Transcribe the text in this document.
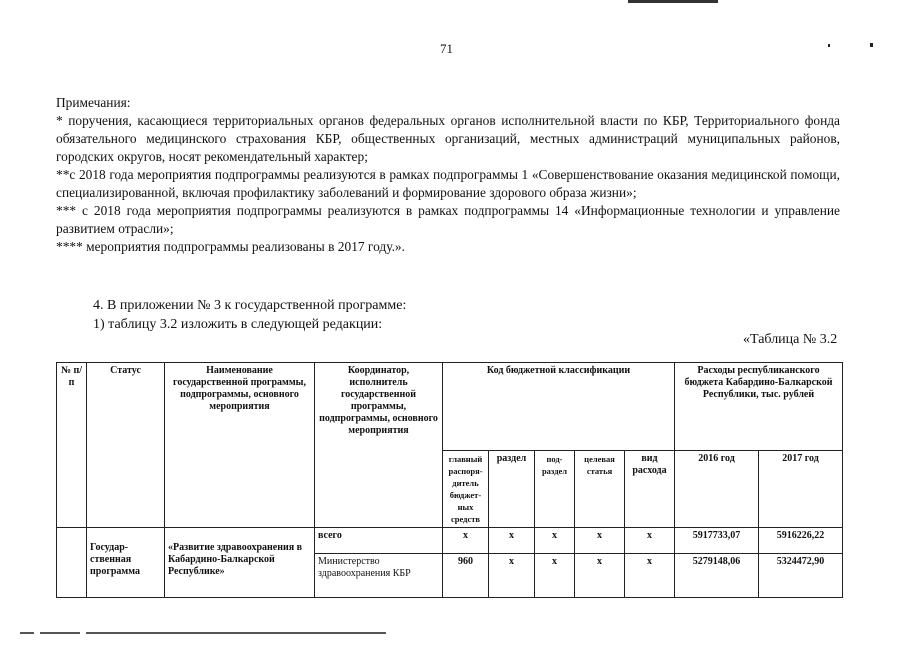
71

Примечания:

* поручения, касающиеся территориальных органов федеральных органов исполнительной власти по КБР, Территориального фонда обязательного медицинского страхования КБР, общественных организаций, местных администраций муниципальных районов, городских округов, носят рекомендательный характер;

**с 2018 года мероприятия подпрограммы реализуются в рамках подпрограммы 1 «Совершенствование оказания медицинской помощи, специализированной, включая профилактику заболеваний и формирование здорового образа жизни»;

*** с 2018 года мероприятия подпрограммы реализуются в рамках подпрограммы 14 «Информационные технологии и управление развитием отрасли»;

**** мероприятия подпрограммы реализованы в 2017 году.».

4. В приложении № 3 к государственной программе:

1) таблицу 3.2 изложить в следующей редакции:

«Таблица № 3.2
№ п/п	Статус	Наименование государственной программы, подпрограммы, основного мероприятия	Координатор, исполнитель государственной программы, подпрограммы, основного мероприятия	Код бюджетной классификации					Расходы республиканского бюджета Кабардино-Балкарской Республики, тыс. рублей	
				главный распоря-дитель бюджет-ных средств	раздел	под-раздел	целевая статья	вид расхода	2016 год	2017 год
	Государ-ственная программа	«Развитие здравоохранения в Кабардино-Балкарской Республике»	всего	x	x	x	x	x	5917733,07	5916226,22
			Министерство здравоохранения КБР	960	x	x	x	x	5279148,06	5324472,90
